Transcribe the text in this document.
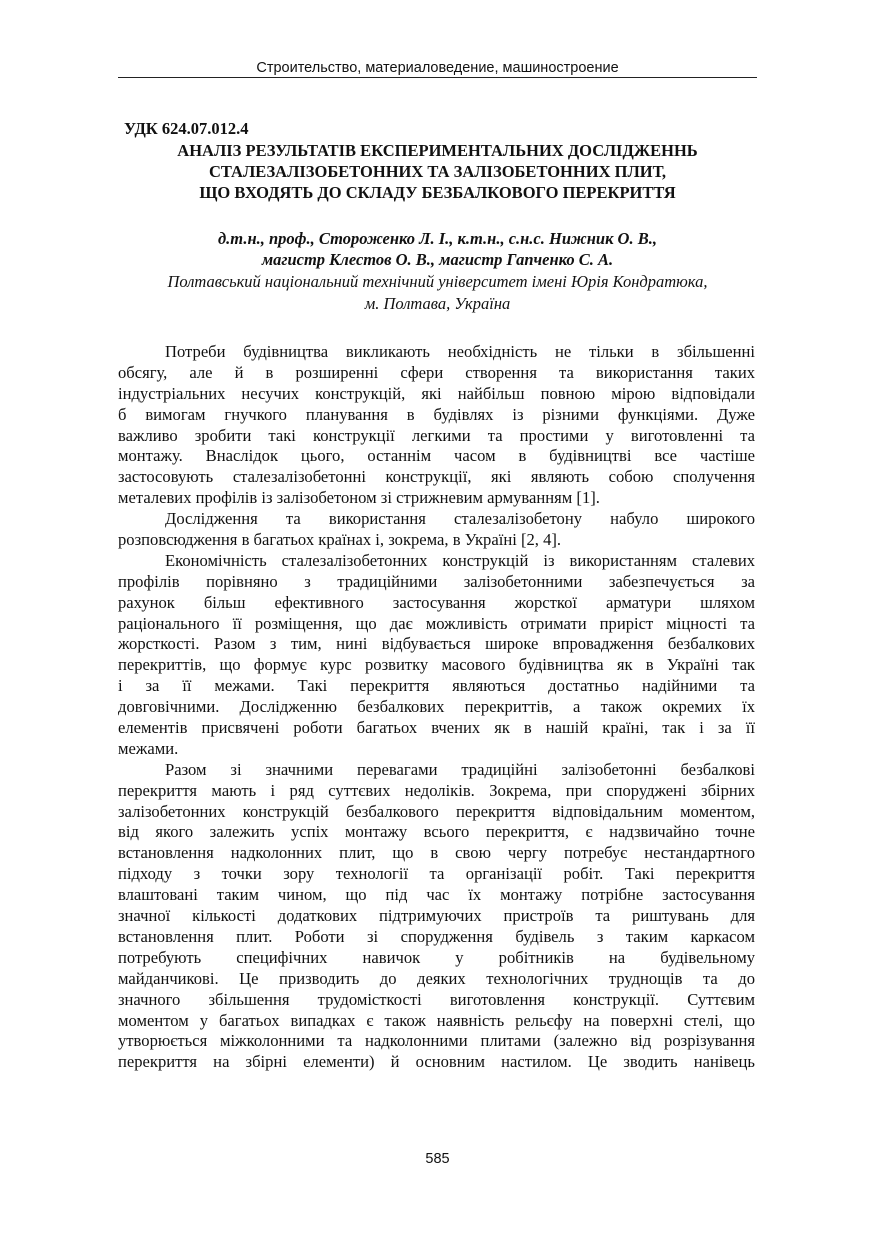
Строительство, материаловедение, машиностроение
УДК 624.07.012.4
АНАЛІЗ РЕЗУЛЬТАТІВ ЕКСПЕРИМЕНТАЛЬНИХ ДОСЛІДЖЕННЬ
СТАЛЕЗАЛІЗОБЕТОННИХ ТА ЗАЛІЗОБЕТОННИХ ПЛИТ,
ЩО ВХОДЯТЬ ДО СКЛАДУ БЕЗБАЛКОВОГО ПЕРЕКРИТТЯ
д.т.н., проф., Стороженко Л. І., к.т.н., с.н.с. Нижник О. В.,
магистр Клестов О. В., магистр Гапченко С. А.
Полтавський національний технічний університет імені Юрія Кондратюка,
м. Полтава, Україна
Потреби будівництва викликають необхідність не тільки в збільшенні
обсягу, але й в розширенні сфери створення та використання таких
індустріальних несучих конструкцій, які найбільш повною мірою відповідали
б вимогам гнучкого планування в будівлях із різними функціями. Дуже
важливо зробити такі конструкції легкими та простими у виготовленні та
монтажу. Внаслідок цього, останнім часом в будівництві все частіше
застосовують сталезалізобетонні конструкції, які являють собою сполучення
металевих профілів із залізобетоном зі стрижневим армуванням [1].
Дослідження та використання сталезалізобетону набуло широкого
розповсюдження в багатьох країнах і, зокрема, в Україні [2, 4].
Економічність сталезалізобетонних конструкцій із використанням сталевих
профілів порівняно з традиційними залізобетонними забезпечується за
рахунок більш ефективного застосування жорсткої арматури шляхом
раціонального її розміщення, що дає можливість отримати приріст міцності та
жорсткості. Разом з тим, нині відбувається широке впровадження безбалкових
перекриттів, що формує курс розвитку масового будівництва як в Україні так
і за її межами. Такі перекриття являються достатньо надійними та
довговічними. Дослідженню безбалкових перекриттів, а також окремих їх
елементів присвячені роботи багатьох вчених як в нашій країні, так і за її
межами.
Разом зі значними перевагами традиційні залізобетонні безбалкові
перекриття мають і ряд суттєвих недоліків. Зокрема, при споруджені збірних
залізобетонних конструкцій безбалкового перекриття відповідальним моментом,
від якого залежить успіх монтажу всього перекриття, є надзвичайно точне
встановлення надколонних плит, що в свою чергу потребує нестандартного
підходу з точки зору технології та організації робіт. Такі перекриття
влаштовані таким чином, що під час їх монтажу потрібне застосування
значної кількості додаткових підтримуючих пристроїв та риштувань для
встановлення плит. Роботи зі спорудження будівель з таким каркасом
потребують специфічних навичок у робітників на будівельному
майданчикові. Це призводить до деяких технологічних труднощів та до
значного збільшення трудомісткості виготовлення конструкції. Суттєвим
моментом у багатьох випадках є також наявність рельєфу на поверхні стелі, що
утворюється міжколонними та надколонними плитами (залежно від розрізування
перекриття на збірні елементи) й основним настилом. Це зводить нанівець
585
